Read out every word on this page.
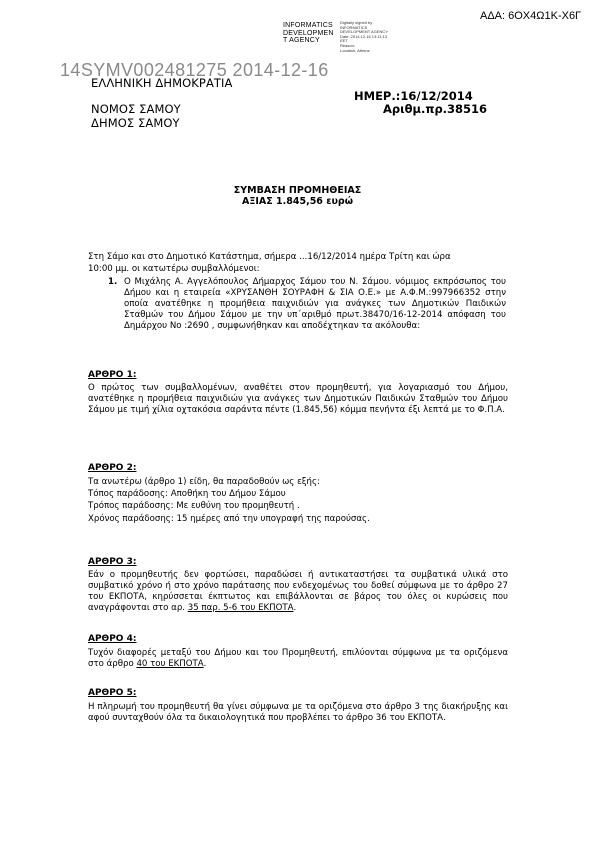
ΑΔΑ: 6ΟΧ4Ω1Κ-Χ6Γ
INFORMATICS
DEVELOPMEN
T AGENCY
Digitally signed by
INFORMATICS
DEVELOPMENT AGENCY
Date: 2014.12.16 13:11:13
EET
Reason:
Location: Athens
ΕΛΛΗΝΙΚΗ ΔΗΜΟΚΡΑΤΙΑ
14SYMV002481275 2014-12-16
ΗΜΕΡ.:16/12/2014
ΝΟΜΟΣ ΣΑΜΟΥ	Αριθμ.πρ.38516
ΔΗΜΟΣ ΣΑΜΟΥ
ΣΥΜΒΑΣΗ ΠΡΟΜΗΘΕΙΑΣ
ΑΞΙΑΣ 1.845,56 ευρώ
Στη Σάμο και στο Δημοτικό Κατάστημα, σήμερα ...16/12/2014 ημέρα Τρίτη και ώρα
10:00 μμ. οι κατωτέρω συμβαλλόμενοι:
1. Ο Μιχάλης Α. Αγγελόπουλος Δήμαρχος Σάμου του Ν. Σάμου. νόμιμος εκπρόσωπος του Δήμου και η εταιρεία «ΧΡΥΣΑΝΘΗ ΣΟΥΡΑΦΗ & ΣΙΑ Ο.Ε.» με Α.Φ.Μ.:997966352 στην οποία ανατέθηκε η προμήθεια παιχνιδιών για ανάγκες των Δημοτικών Παιδικών Σταθμών του Δήμου Σάμου με την υπ΄αριθμό πρωτ.38470/16-12-2014 απόφαση του Δημάρχου Νο :2690 , συμφωνήθηκαν και αποδέχτηκαν τα ακόλουθα:
ΑΡΘΡΟ 1:
Ο πρώτος των συμβαλλομένων, αναθέτει στον προμηθευτή, για λογαριασμό του Δήμου, ανατέθηκε η προμήθεια παιχνιδιών για ανάγκες των Δημοτικών Παιδικών Σταθμών του Δήμου Σάμου με τιμή χίλια οχτακόσια σαράντα πέντε (1.845,56) κόμμα πενήντα έξι λεπτά με το Φ.Π.Α.
ΑΡΘΡΟ 2:
Τα ανωτέρω (άρθρο 1) είδη, θα παραδοθούν ως εξής:
Τόπος παράδοσης: Αποθήκη του Δήμου Σάμου
Τρόπος παράδοσης: Με ευθύνη του προμηθευτή .
Χρόνος παράδοσης: 15 ημέρες από την υπογραφή της παρούσας.
ΑΡΘΡΟ 3:
Εάν ο προμηθευτής δεν φορτώσει, παραδώσει ή αντικαταστήσει τα συμβατικά υλικά στο συμβατικό χρόνο ή στο χρόνο παράτασης που ενδεχομένως του δοθεί σύμφωνα με το άρθρο 27 του ΕΚΠΟΤΑ, κηρύσσεται έκπτωτος και επιβάλλονται σε βάρος του όλες οι κυρώσεις που αναγράφονται στο αρ. 35 παρ. 5-6 του ΕΚΠΟΤΑ.
ΑΡΘΡΟ 4:
Τυχόν διαφορές μεταξύ του Δήμου και του Προμηθευτή, επιλύονται σύμφωνα με τα οριζόμενα στο άρθρο 40 του ΕΚΠΟΤΑ.
ΑΡΘΡΟ 5:
Η πληρωμή του προμηθευτή θα γίνει σύμφωνα με τα οριζόμενα στο άρθρο 3 της διακήρυξης και αφού συνταχθούν όλα τα δικαιολογητικά που προβλέπει το άρθρο 36 του ΕΚΠΟΤΑ.
